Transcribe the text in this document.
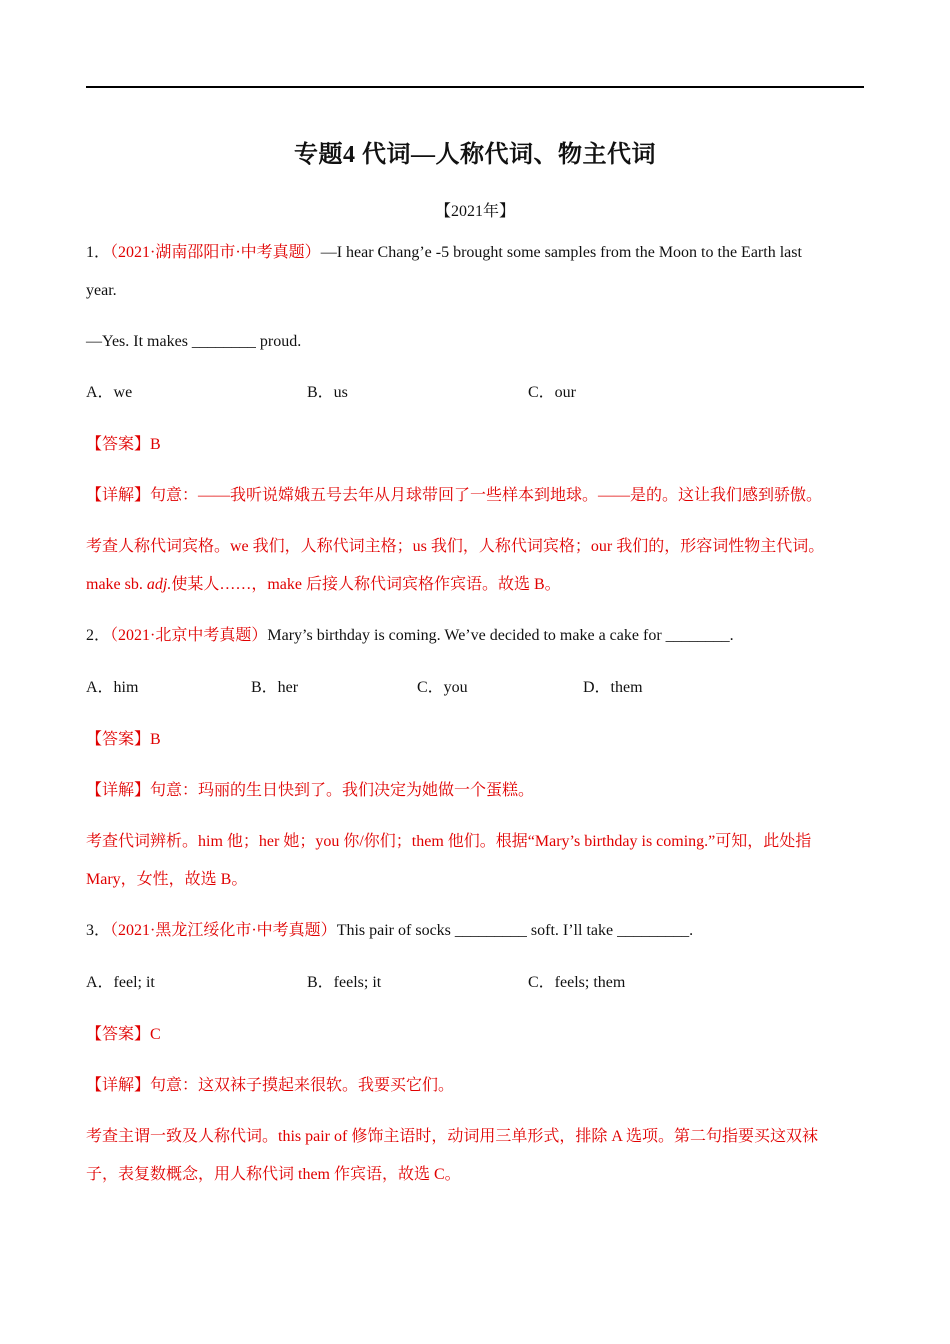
专题4 代词—人称代词、物主代词
【2021年】
1．（2021·湖南邵阳市·中考真题）—I hear Chang’e -5 brought some samples from the Moon to the Earth last
year.
—Yes. It makes ________ proud.
A．we	B．us	C．our
【答案】B
【详解】句意：——我听说嫦娥五号去年从月球带回了一些样本到地球。——是的。这让我们感到骄傲。
考查人称代词宾格。we 我们，人称代词主格；us 我们，人称代词宾格；our 我们的，形容词性物主代词。
make sb. adj.使某人……，make 后接人称代词宾格作宾语。故选 B。
2．（2021·北京中考真题）Mary’s birthday is coming. We’ve decided to make a cake for ________.
A．him	B．her	C．you	D．them
【答案】B
【详解】句意：玛丽的生日快到了。我们决定为她做一个蛋糕。
考查代词辨析。him 他；her 她；you 你/你们；them 他们。根据“Mary’s birthday is coming.”可知，此处指
Mary，女性，故选 B。
3．（2021·黑龙江绥化市·中考真题）This pair of socks _________ soft. I’ll take _________.
A．feel; it	B．feels; it	C．feels; them
【答案】C
【详解】句意：这双袜子摸起来很软。我要买它们。
考查主谓一致及人称代词。this pair of 修饰主语时，动词用三单形式，排除 A 选项。第二句指要买这双袜
子，表复数概念，用人称代词 them 作宾语，故选 C。
